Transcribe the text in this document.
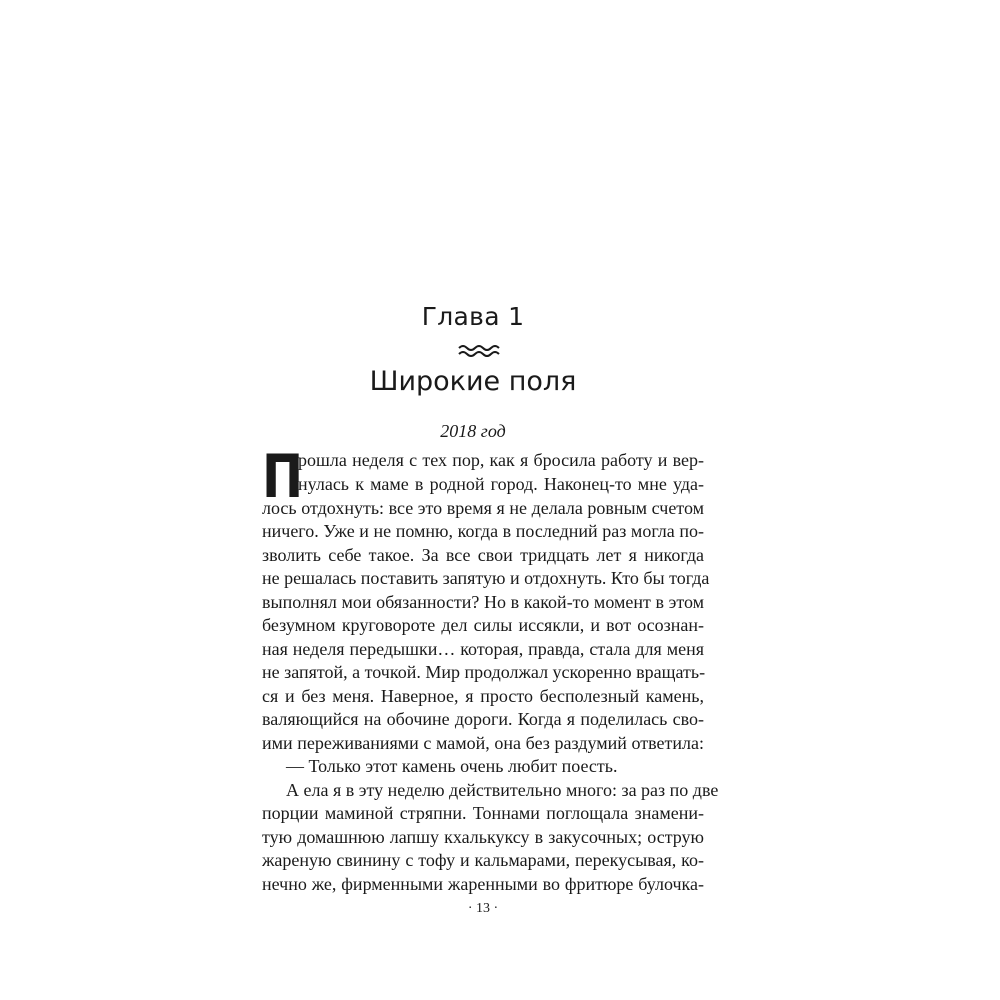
Глава 1
Широкие поля
2018 год
П
рошла неделя с тех пор, как я бросила работу и вер-
нулась к маме в родной город. Наконец-то мне уда-
лось отдохнуть: все это время я не делала ровным счетом
ничего. Уже и не помню, когда в последний раз могла по-
зволить себе такое. За все свои тридцать лет я никогда
не решалась поставить запятую и отдохнуть. Кто бы тогда
выполнял мои обязанности? Но в какой-то момент в этом
безумном круговороте дел силы иссякли, и вот осознан-
ная неделя передышки… которая, правда, стала для меня
не запятой, а точкой. Мир продолжал ускоренно вращать-
ся и без меня. Наверное, я просто бесполезный камень,
валяющийся на обочине дороги. Когда я поделилась сво-
ими переживаниями с мамой, она без раздумий ответила:
— Только этот камень очень любит поесть.
А ела я в эту неделю действительно много: за раз по две
порции маминой стряпни. Тоннами поглощала знамени-
тую домашнюю лапшу кхалькуксу в закусочных; острую
жареную свинину с тофу и кальмарами, перекусывая, ко-
нечно же, фирменными жаренными во фритюре булочка-
· 13 ·
